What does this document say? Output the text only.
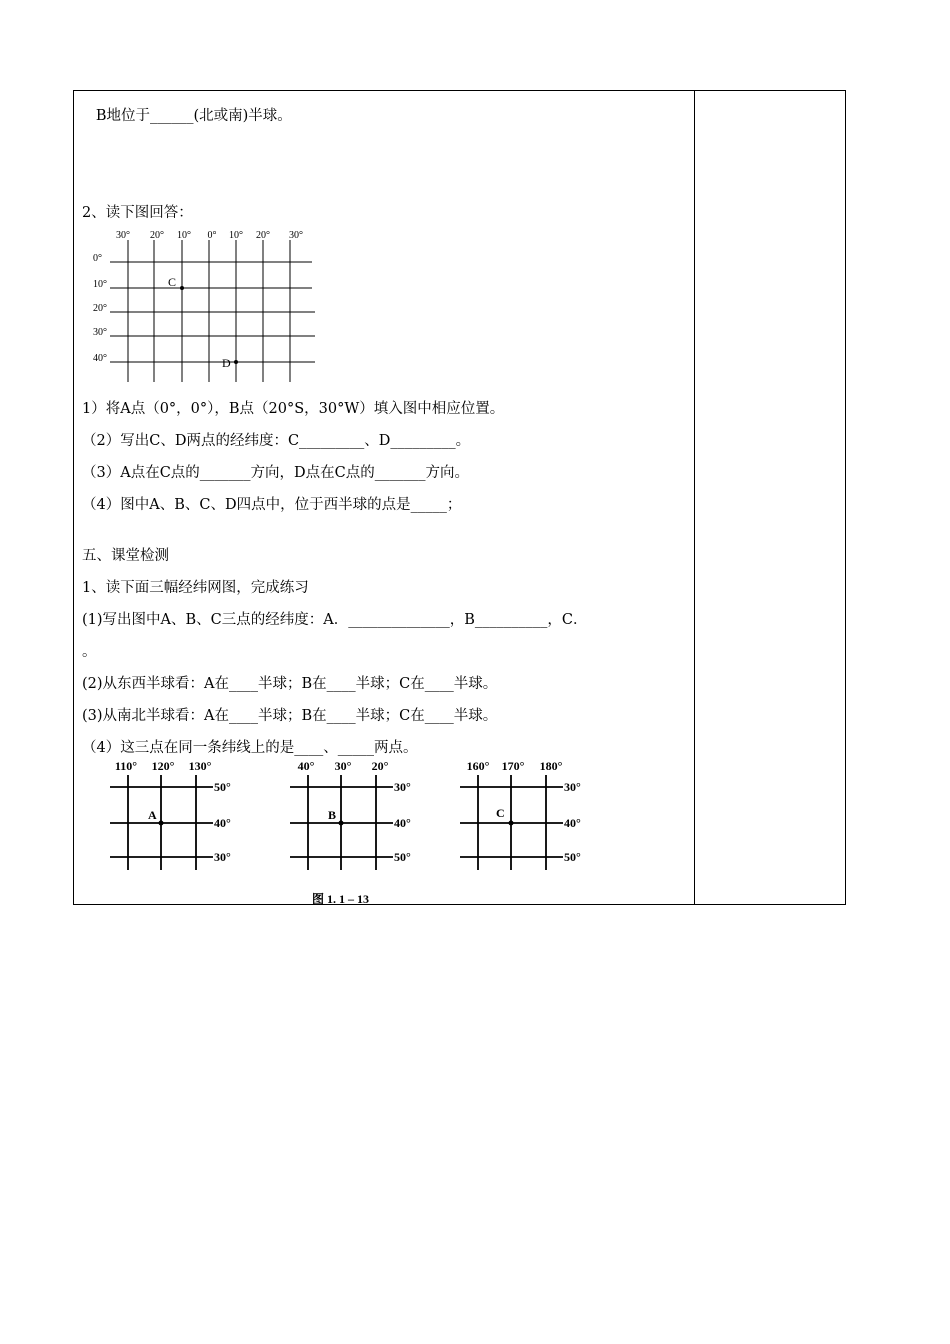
B地位于______(北或南)半球。
2、读下图回答：
30° 20° 10° 0° 10° 20° 30°
0°
10°
20°
30°
40°
C
D
1）将A点（0°，0°），B点（20°S，30°W）填入图中相应位置。
（2）写出C、D两点的经纬度：C_________、D_________。
（3）A点在C点的_______方向，D点在C点的_______方向。
（4）图中A、B、C、D四点中，位于西半球的点是_____；
五、课堂检测
1、读下面三幅经纬网图，完成练习
(1)写出图中A、B、C三点的经纬度：A．______________，B__________，C．
。
(2)从东西半球看：A在____半球；B在____半球；C在____半球。
(3)从南北半球看：A在____半球；B在____半球；C在____半球。
（4）这三点在同一条纬线上的是____、_____两点。
110° 120° 130°
50°
40°
30°
A
40° 30° 20°
30°
40°
50°
B
160° 170° 180°
30°
40°
50°
C
图 1. 1 – 13
